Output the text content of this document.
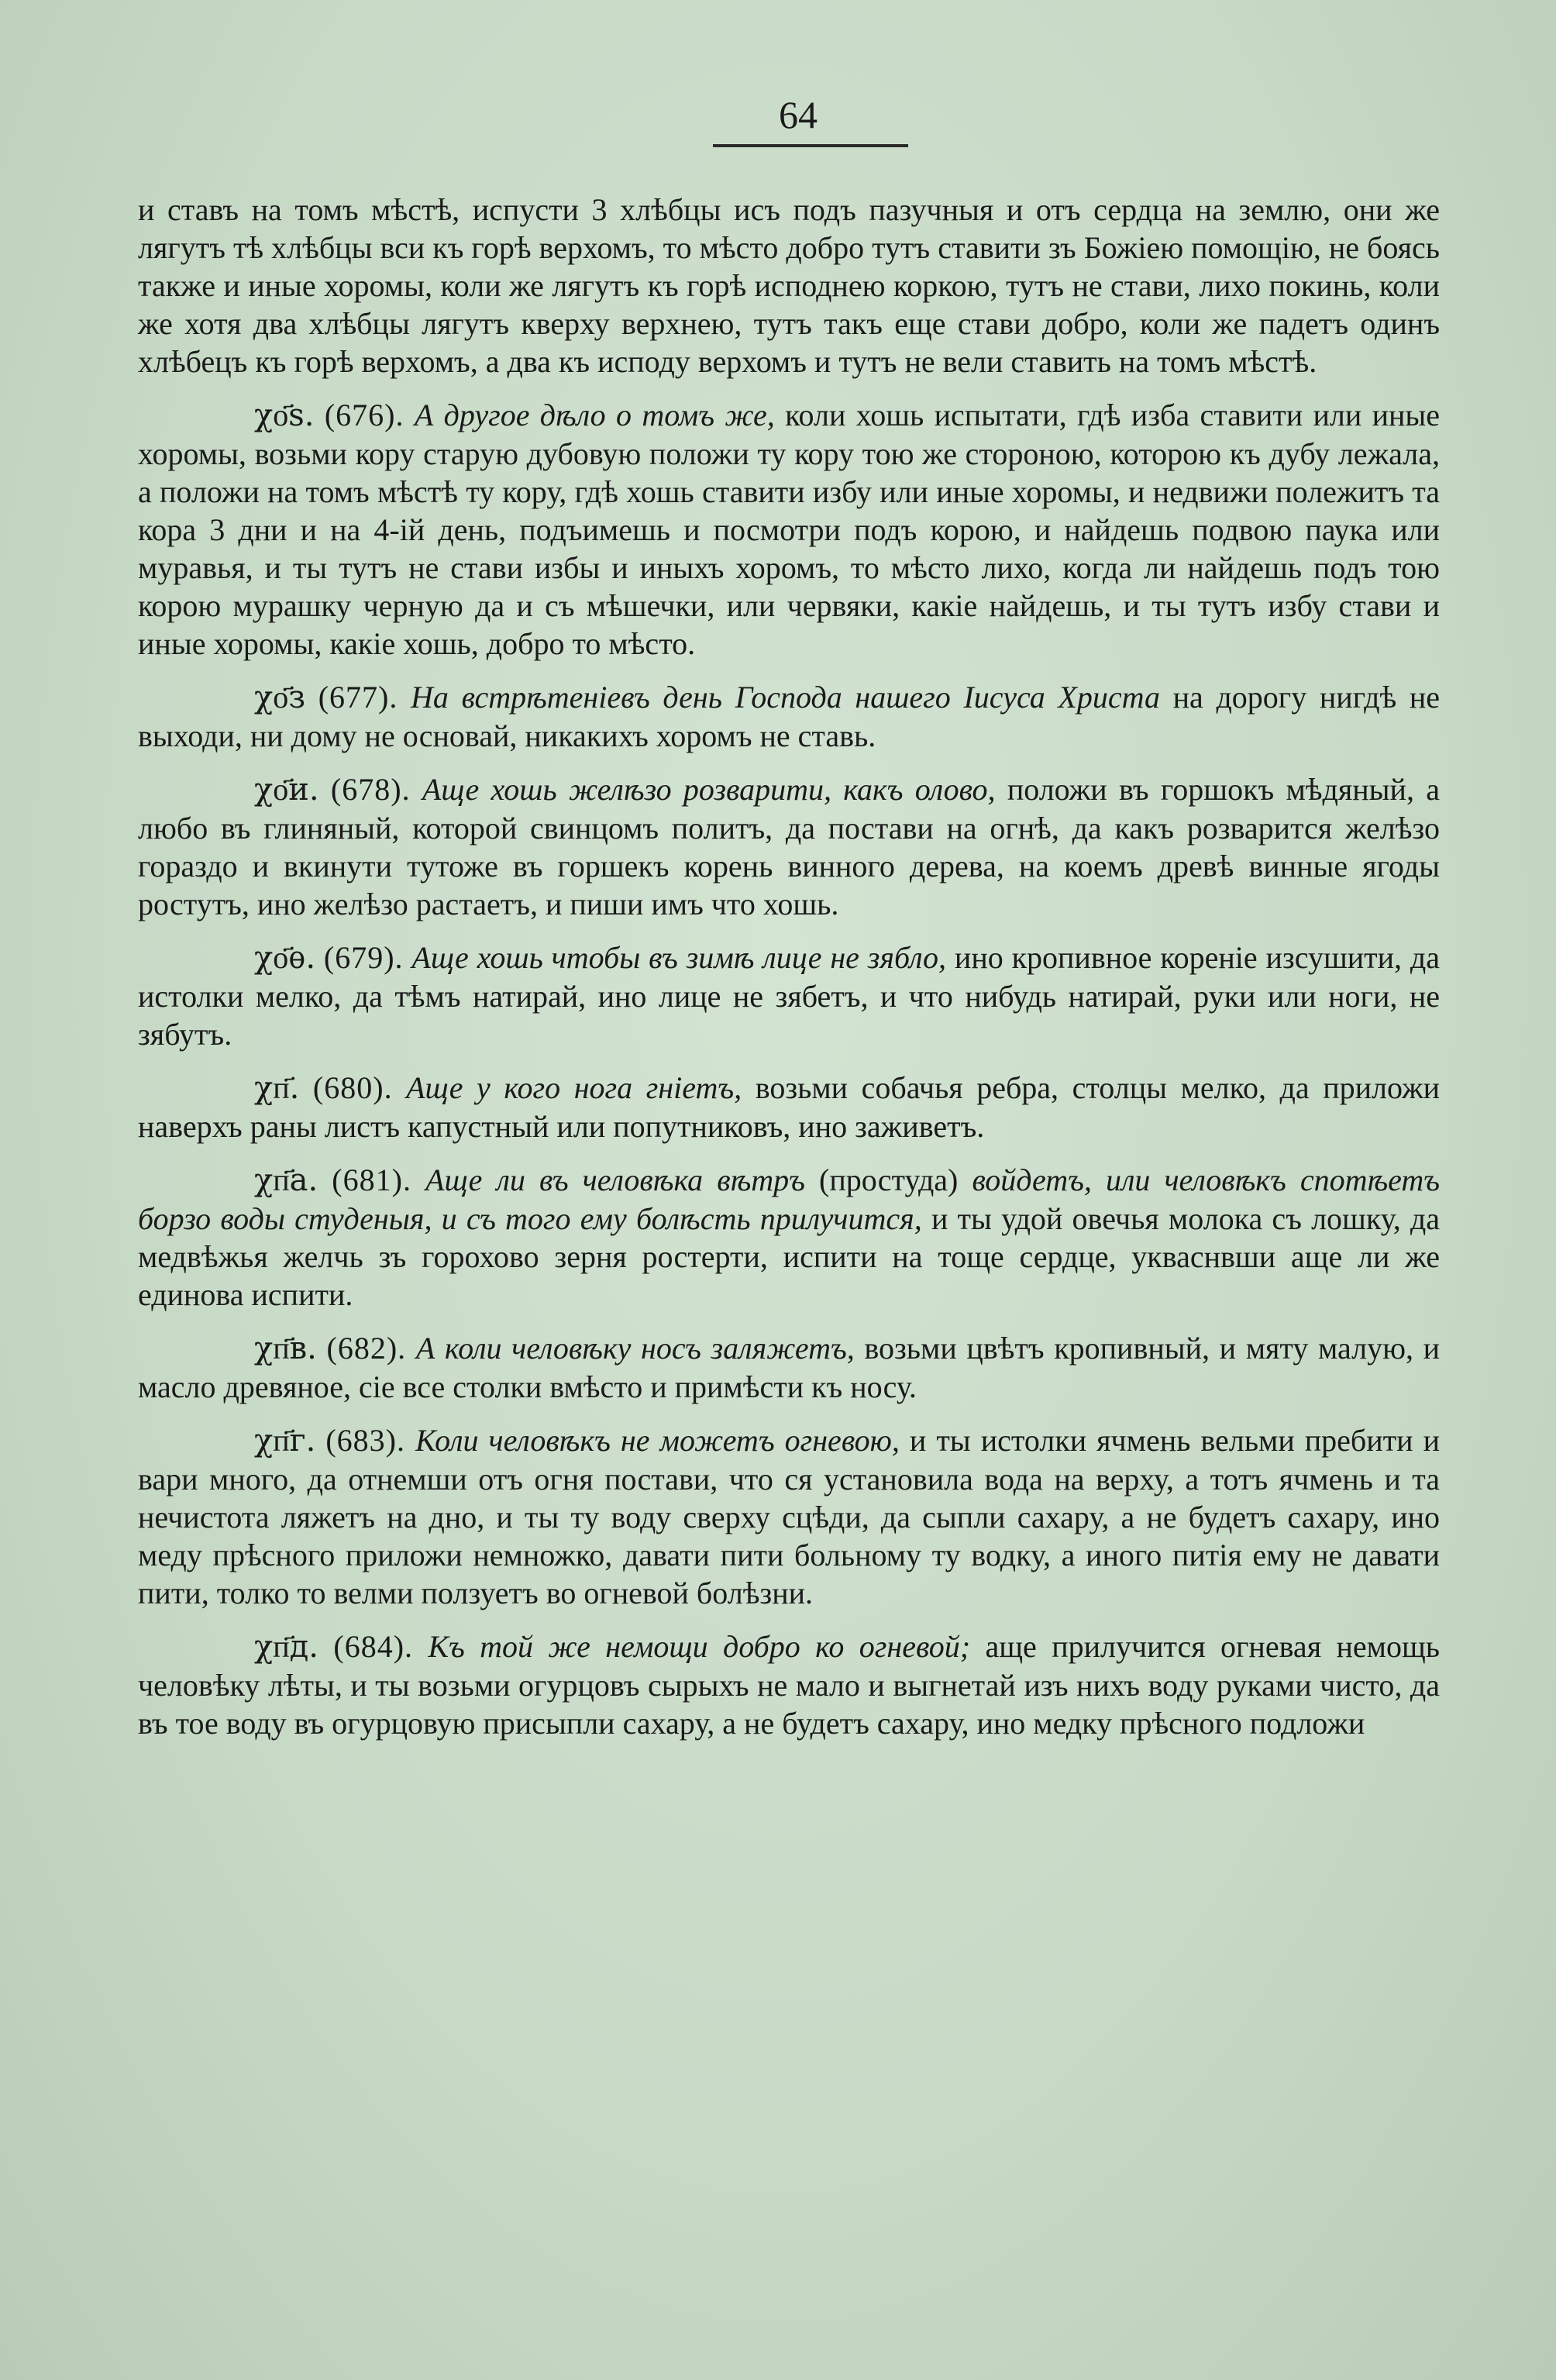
64

и ставъ на томъ мѣстѣ, испусти 3 хлѣбцы исъ подъ пазучныя и отъ сердца на землю, они же лягутъ тѣ хлѣбцы вси къ горѣ верхомъ, то мѣсто добро тутъ ставити зъ Божіею помощію, не боясь также и иные хоромы, коли же лягутъ къ горѣ исподнею коркою, тутъ не стави, лихо покинь, коли же хотя два хлѣбцы лягутъ кверху верхнею, тутъ такъ еще стави добро, коли же падетъ одинъ хлѣбецъ къ горѣ верхомъ, а два къ исподу верхомъ и тутъ не вели ставить на томъ мѣстѣ.

χо҃ѕ. (676). А другое дѣло о томъ же, коли хошь испытати, гдѣ изба ставити или иные хоромы, возьми кору старую дубовую положи ту кору тою же стороною, которою къ дубу лежала, а положи на томъ мѣстѣ ту кору, гдѣ хошь ставити избу или иные хоромы, и недвижи полежитъ та кора 3 дни и на 4-ій день, подъимешь и посмотри подъ корою, и найдешь подвою паука или муравья, и ты тутъ не стави избы и иныхъ хоромъ, то мѣсто лихо, когда ли найдешь подъ тою корою мурашку черную да и съ мѣшечки, или червяки, какіе найдешь, и ты тутъ избу стави и иные хоромы, какіе хошь, добро то мѣсто.

χо҃з (677). На встрѣтеніевъ день Господа нашего Іисуса Христа на дорогу нигдѣ не выходи, ни дому не основай, никакихъ хоромъ не ставь.

χо҃и. (678). Аще хошь желѣзо розварити, какъ олово, положи въ горшокъ мѣдяный, а любо въ глиняный, которой свинцомъ политъ, да постави на огнѣ, да какъ розварится желѣзо гораздо и вкинути тутоже въ горшекъ корень винного дерева, на коемъ древѣ винные ягоды ростутъ, ино желѣзо растаетъ, и пиши имъ что хошь.

χо҃ѳ. (679). Аще хошь чтобы въ зимѣ лице не зябло, ино кропивное кореніе изсушити, да истолки мелко, да тѣмъ натирай, ино лице не зябетъ, и что нибудь натирай, руки или ноги, не зябутъ.

χп҃. (680). Аще у кого нога гніетъ, возьми собачья ребра, столцы мелко, да приложи наверхъ раны листъ капустный или попутниковъ, ино заживетъ.

χп҃а. (681). Аще ли въ человѣка вѣтръ (простуда) войдетъ, или человѣкъ спотѣетъ борзо воды студеныя, и съ того ему болѣсть прилучится, и ты удой овечья молока съ лошку, да медвѣжья желчь зъ горохово зерня ростерти, испити на тоще сердце, укваснвши аще ли же единова испити.

χп҃в. (682). А коли человѣку носъ заляжетъ, возьми цвѣтъ кропивный, и мяту малую, и масло древяное, сіе все столки вмѣсто и примѣсти къ носу.

χп҃г. (683). Коли человѣкъ не можетъ огневою, и ты истолки ячмень вельми пребити и вари много, да отнемши отъ огня постави, что ся установила вода на верху, а тотъ ячмень и та нечистота ляжетъ на дно, и ты ту воду сверху сцѣди, да сыпли сахару, а не будетъ сахару, ино меду прѣсного приложи немножко, давати пити больному ту водку, а иного питія ему не давати пити, толко то велми ползуетъ во огневой болѣзни.

χп҃д. (684). Къ той же немощи добро ко огневой; аще прилучится огневая немощь человѣку лѣты, и ты возьми огурцовъ сырыхъ не мало и выгнетай изъ нихъ воду руками чисто, да въ тое воду въ огурцовую присыпли сахару, а не будетъ сахару, ино медку прѣсного подложи
